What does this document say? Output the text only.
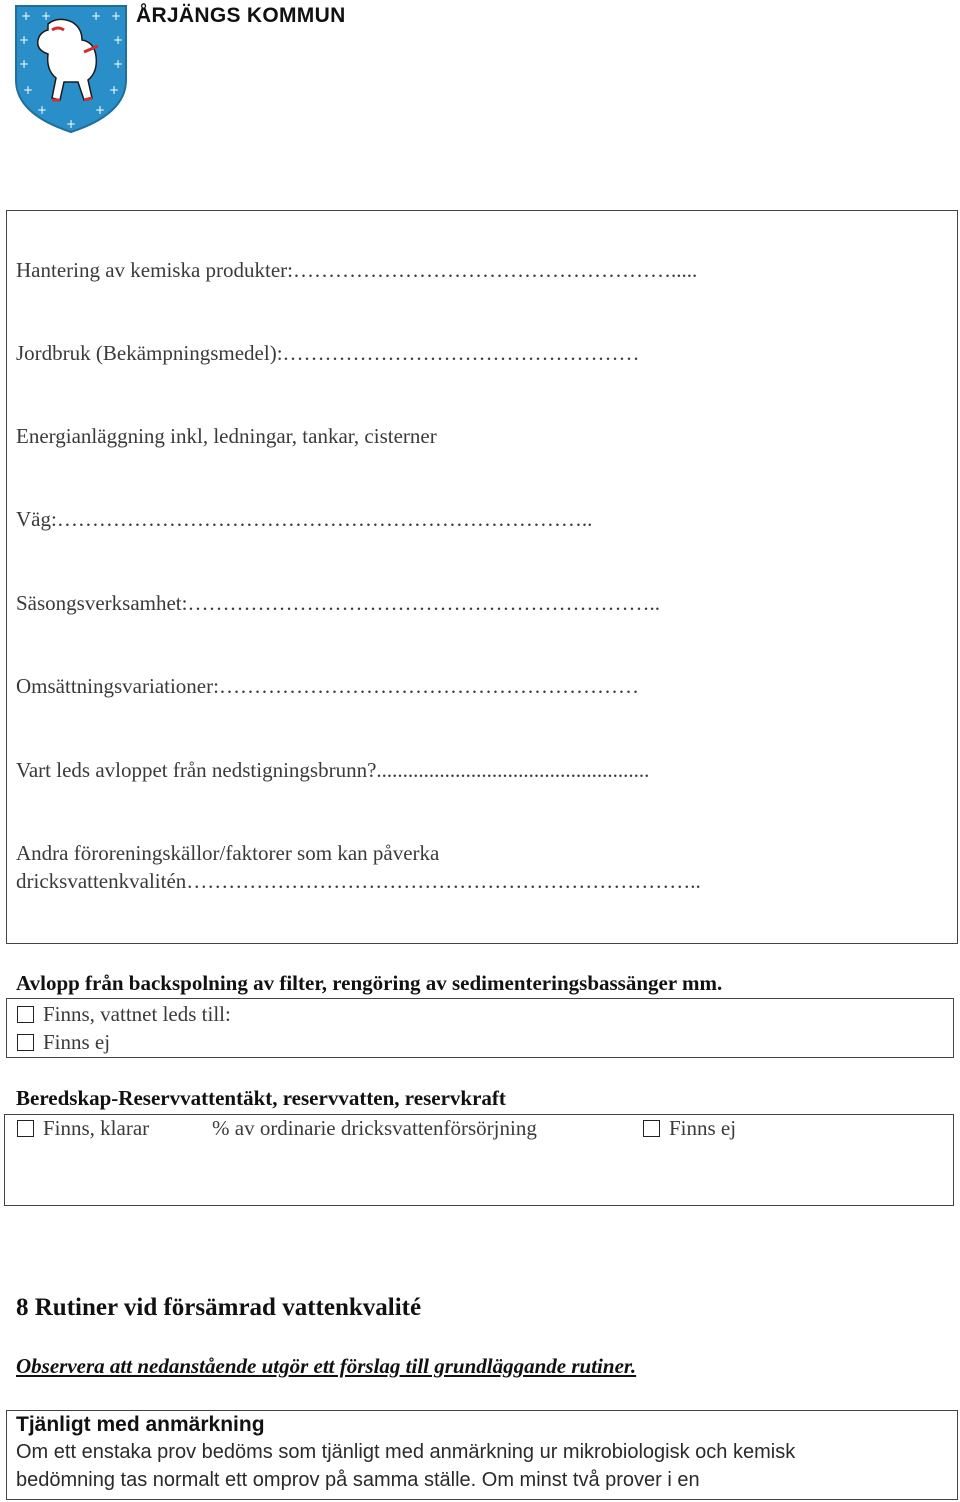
+ +	+ +
+	+
+	+
+	+
+	+
+
ÅRJÄNGS KOMMUN
Hantering av kemiska produkter:……………………………………………….....
Jordbruk (Bekämpningsmedel):……………………………………………
Energianläggning inkl, ledningar, tankar, cisterner
Väg:…………………………………………………………………..
Säsongsverksamhet:…………………………………………………………..
Omsättningsvariationer:……………………………………………………
Vart leds avloppet från nedstigningsbrunn?....................................................
Andra föroreningskällor/faktorer som kan påverka
dricksvattenkvalitén………………………………………………………………..
Avlopp från backspolning av filter, rengöring av sedimenteringsbassänger mm.
Finns, vattnet leds till:
Finns ej
Beredskap-Reservvattentäkt, reservvatten, reservkraft
Finns, klarar	% av ordinarie dricksvattenförsörjning	Finns ej
8 Rutiner vid försämrad vattenkvalité
Observera att nedanstående utgör ett förslag till grundläggande rutiner.
Tjänligt med anmärkning
Om ett enstaka prov bedöms som tjänligt med anmärkning ur mikrobiologisk och kemisk
bedömning tas normalt ett omprov på samma ställe. Om minst två prover i en
